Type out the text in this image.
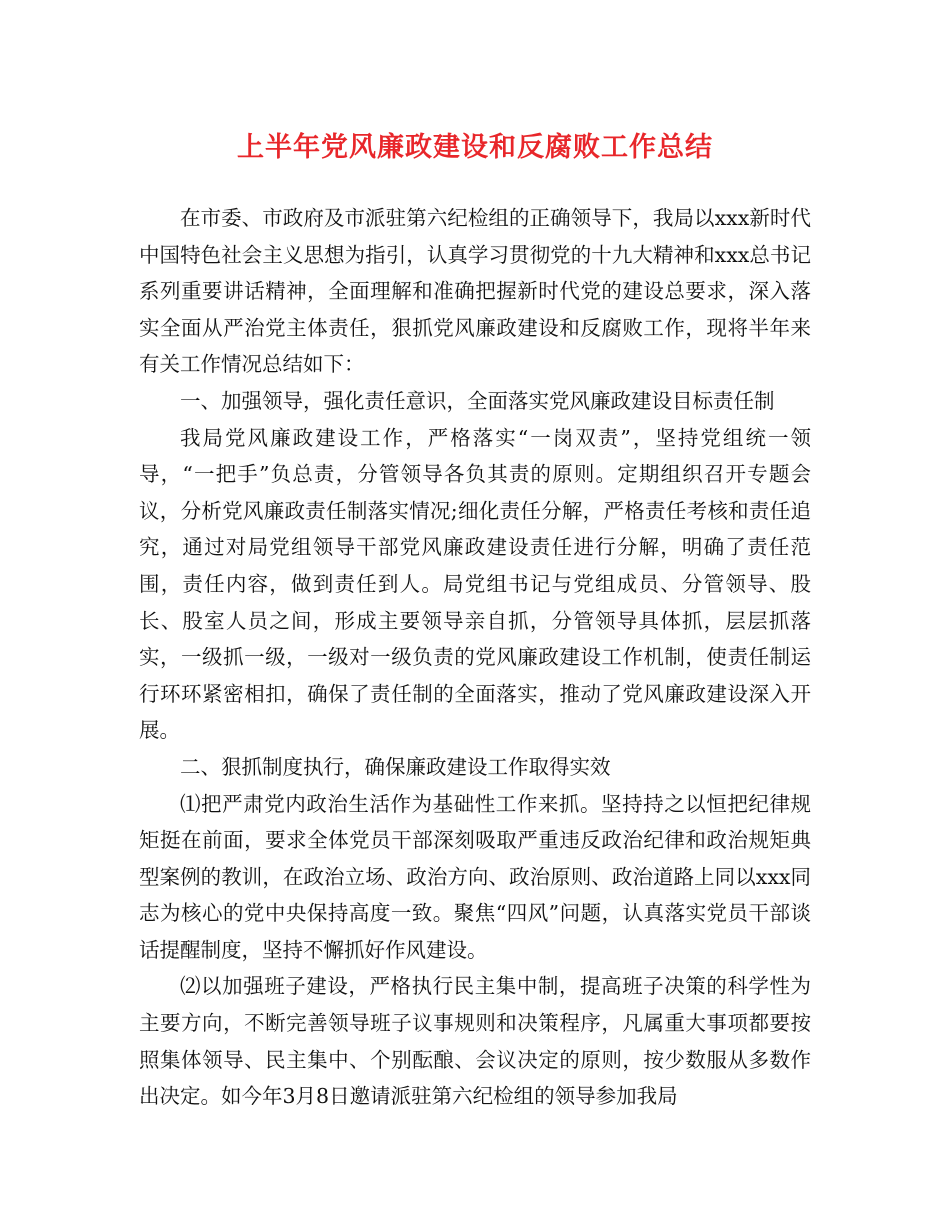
上半年党风廉政建设和反腐败工作总结

在市委、市政府及市派驻第六纪检组的正确领导下，我局以xxx新时代中国特色社会主义思想为指引，认真学习贯彻党的十九大精神和xxx总书记系列重要讲话精神，全面理解和准确把握新时代党的建设总要求，深入落实全面从严治党主体责任，狠抓党风廉政建设和反腐败工作，现将半年来有关工作情况总结如下：

一、加强领导，强化责任意识，全面落实党风廉政建设目标责任制

我局党风廉政建设工作，严格落实“一岗双责”，坚持党组统一领导，“一把手”负总责，分管领导各负其责的原则。定期组织召开专题会议，分析党风廉政责任制落实情况;细化责任分解，严格责任考核和责任追究，通过对局党组领导干部党风廉政建设责任进行分解，明确了责任范围，责任内容，做到责任到人。局党组书记与党组成员、分管领导、股长、股室人员之间，形成主要领导亲自抓，分管领导具体抓，层层抓落实，一级抓一级，一级对一级负责的党风廉政建设工作机制，使责任制运行环环紧密相扣，确保了责任制的全面落实，推动了党风廉政建设深入开展。

二、狠抓制度执行，确保廉政建设工作取得实效

⑴把严肃党内政治生活作为基础性工作来抓。坚持持之以恒把纪律规矩挺在前面，要求全体党员干部深刻吸取严重违反政治纪律和政治规矩典型案例的教训，在政治立场、政治方向、政治原则、政治道路上同以xxx同志为核心的党中央保持高度一致。聚焦“四风”问题，认真落实党员干部谈话提醒制度，坚持不懈抓好作风建设。

⑵以加强班子建设，严格执行民主集中制，提高班子决策的科学性为主要方向，不断完善领导班子议事规则和决策程序，凡属重大事项都要按照集体领导、民主集中、个别酝酿、会议决定的原则，按少数服从多数作出决定。如今年3月8日邀请派驻第六纪检组的领导参加我局
